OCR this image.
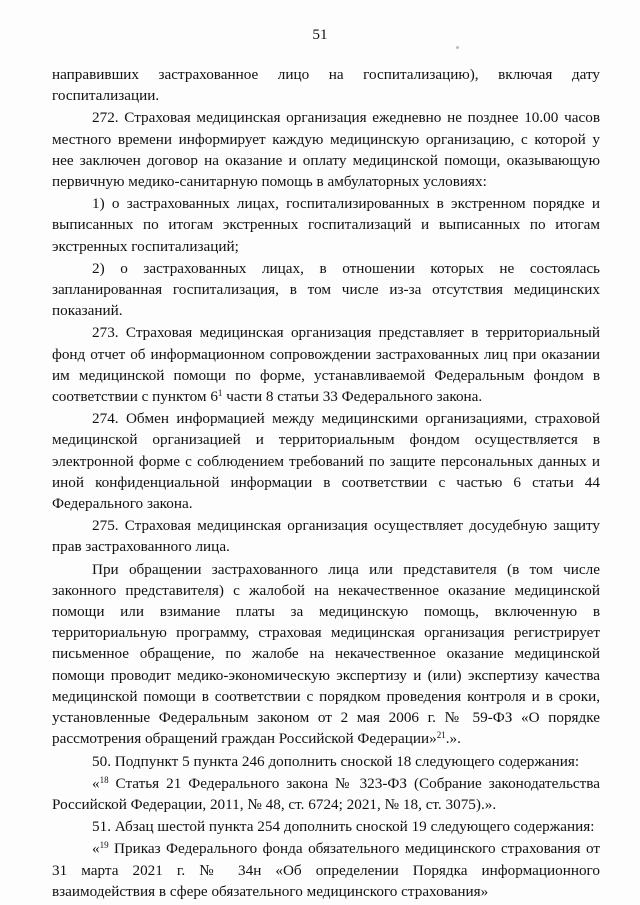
51

направивших застрахованное лицо на госпитализацию), включая дату госпитализации.

272. Страховая медицинская организация ежедневно не позднее 10.00 часов местного времени информирует каждую медицинскую организацию, с которой у нее заключен договор на оказание и оплату медицинской помощи, оказывающую первичную медико-санитарную помощь в амбулаторных условиях:

1) о застрахованных лицах, госпитализированных в экстренном порядке и выписанных по итогам экстренных госпитализаций и выписанных по итогам экстренных госпитализаций;

2) о застрахованных лицах, в отношении которых не состоялась запланированная госпитализация, в том числе из-за отсутствия медицинских показаний.

273. Страховая медицинская организация представляет в территориальный фонд отчет об информационном сопровождении застрахованных лиц при оказании им медицинской помощи по форме, устанавливаемой Федеральным фондом в соответствии с пунктом $6^1$ части 8 статьи 33 Федерального закона.

274. Обмен информацией между медицинскими организациями, страховой медицинской организацией и территориальным фондом осуществляется в электронной форме с соблюдением требований по защите персональных данных и иной конфиденциальной информации в соответствии с частью 6 статьи 44 Федерального закона.

275. Страховая медицинская организация осуществляет досудебную защиту прав застрахованного лица.

При обращении застрахованного лица или представителя (в том числе законного представителя) с жалобой на некачественное оказание медицинской помощи или взимание платы за медицинскую помощь, включенную в территориальную программу, страховая медицинская организация регистрирует письменное обращение, по жалобе на некачественное оказание медицинской помощи проводит медико-экономическую экспертизу и (или) экспертизу качества медицинской помощи в соответствии с порядком проведения контроля и в сроки, установленные Федеральным законом от 2 мая 2006 г. № 59-ФЗ «О порядке рассмотрения обращений граждан Российской Федерации»$^{21}$.».

50. Подпункт 5 пункта 246 дополнить сноской 18 следующего содержания:

«$^{18}$ Статья 21 Федерального закона № 323-ФЗ (Собрание законодательства Российской Федерации, 2011, № 48, ст. 6724; 2021, № 18, ст. 3075).».

51. Абзац шестой пункта 254 дополнить сноской 19 следующего содержания:

«$^{19}$ Приказ Федерального фонда обязательного медицинского страхования от 31 марта 2021 г. № 34н «Об определении Порядка информационного взаимодействия в сфере обязательного медицинского страхования»
